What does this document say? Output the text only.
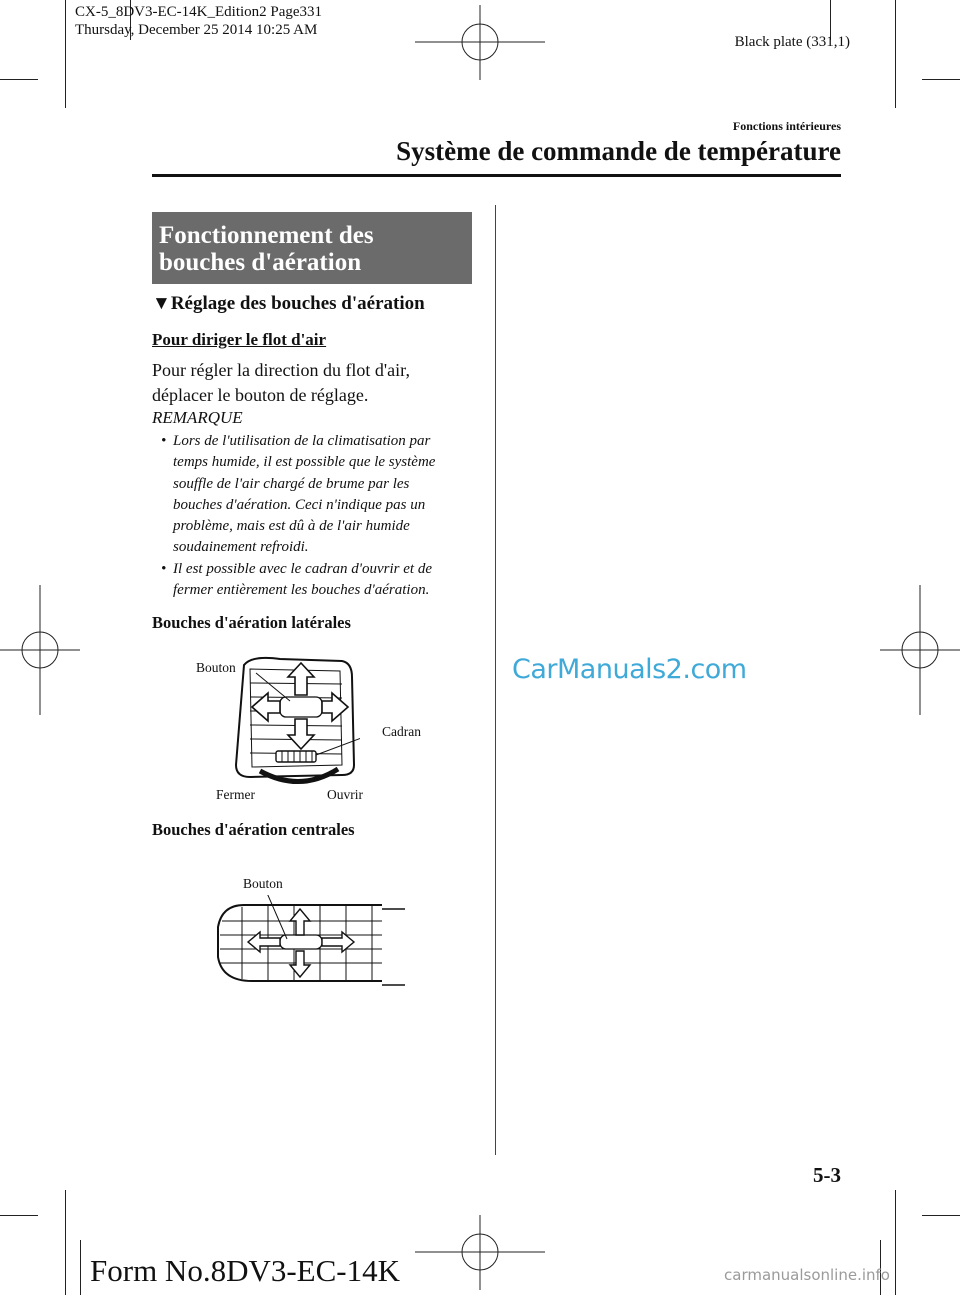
CX-5_8DV3-EC-14K_Edition2 Page331
Thursday, December 25 2014 10:25 AM
Black plate (331,1)
Fonctions intérieures
Système de commande de température
Fonctionnement des
bouches d'aération
▼Réglage des bouches d'aération
Pour diriger le flot d'air
Pour régler la direction du flot d'air,
déplacer le bouton de réglage.
REMARQUE
• Lors de l'utilisation de la climatisation par
temps humide, il est possible que le système
souffle de l'air chargé de brume par les
bouches d'aération. Ceci n'indique pas un
problème, mais est dû à de l'air humide
soudainement refroidi.
• Il est possible avec le cadran d'ouvrir et de
fermer entièrement les bouches d'aération.
Bouches d'aération latérales
Bouton
Cadran
Fermer	Ouvrir
Bouches d'aération centrales
Bouton
CarManuals2.com
carmanualsonline.info
5-3
Form No.8DV3-EC-14K
